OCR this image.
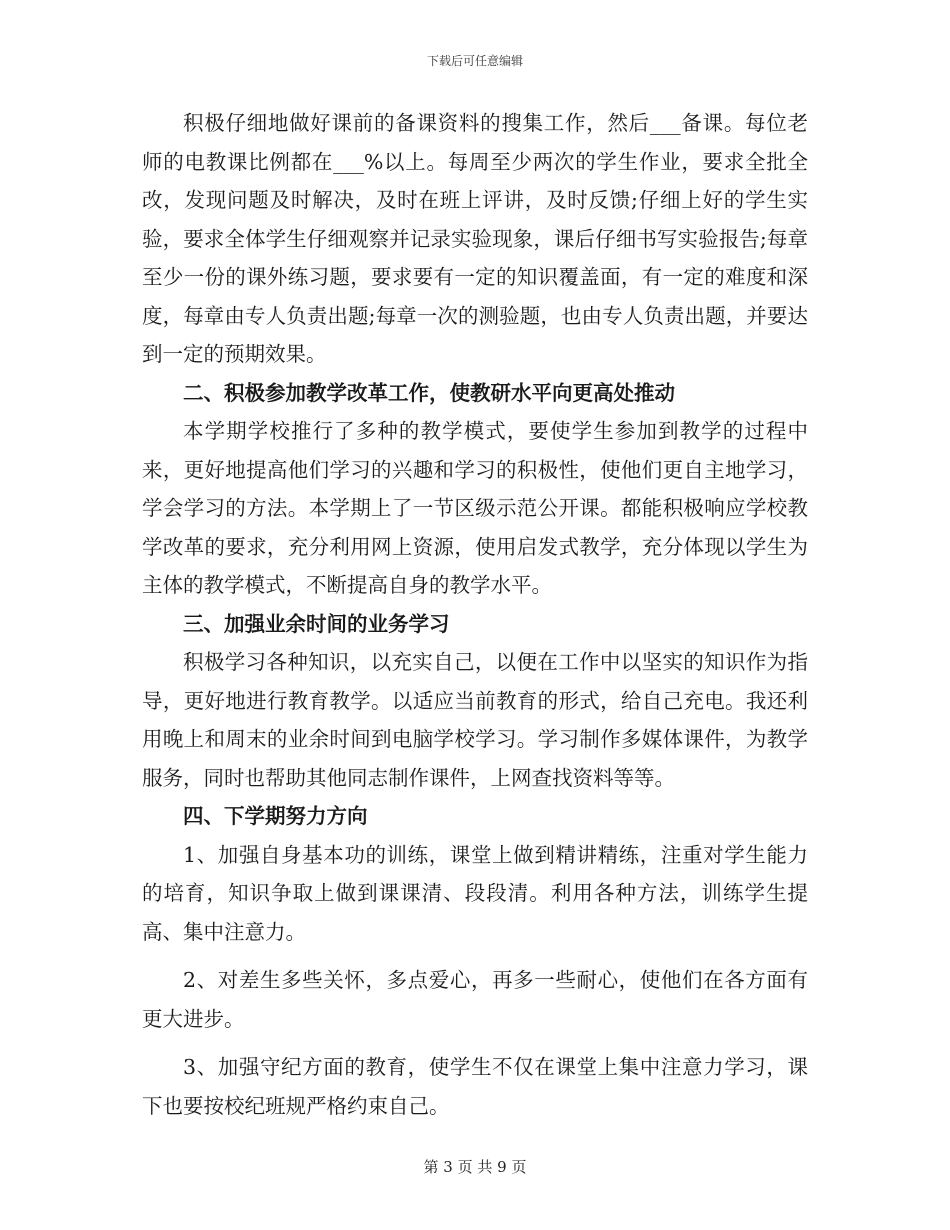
下载后可任意编辑

积极仔细地做好课前的备课资料的搜集工作，然后___备课。每位老师的电教课比例都在___%以上。每周至少两次的学生作业，要求全批全改，发现问题及时解决，及时在班上评讲，及时反馈;仔细上好的学生实验，要求全体学生仔细观察并记录实验现象，课后仔细书写实验报告;每章至少一份的课外练习题，要求要有一定的知识覆盖面，有一定的难度和深度，每章由专人负责出题;每章一次的测验题，也由专人负责出题，并要达到一定的预期效果。

二、积极参加教学改革工作，使教研水平向更高处推动

本学期学校推行了多种的教学模式，要使学生参加到教学的过程中来，更好地提高他们学习的兴趣和学习的积极性，使他们更自主地学习，学会学习的方法。本学期上了一节区级示范公开课。都能积极响应学校教学改革的要求，充分利用网上资源，使用启发式教学，充分体现以学生为主体的教学模式，不断提高自身的教学水平。

三、加强业余时间的业务学习

积极学习各种知识，以充实自己，以便在工作中以坚实的知识作为指导，更好地进行教育教学。以适应当前教育的形式，给自己充电。我还利用晚上和周末的业余时间到电脑学校学习。学习制作多媒体课件，为教学服务，同时也帮助其他同志制作课件，上网查找资料等等。

四、下学期努力方向

1、加强自身基本功的训练，课堂上做到精讲精练，注重对学生能力的培育，知识争取上做到课课清、段段清。利用各种方法，训练学生提高、集中注意力。

2、对差生多些关怀，多点爱心，再多一些耐心，使他们在各方面有更大进步。

3、加强守纪方面的教育，使学生不仅在课堂上集中注意力学习，课下也要按校纪班规严格约束自己。

第 3 页 共 9 页
